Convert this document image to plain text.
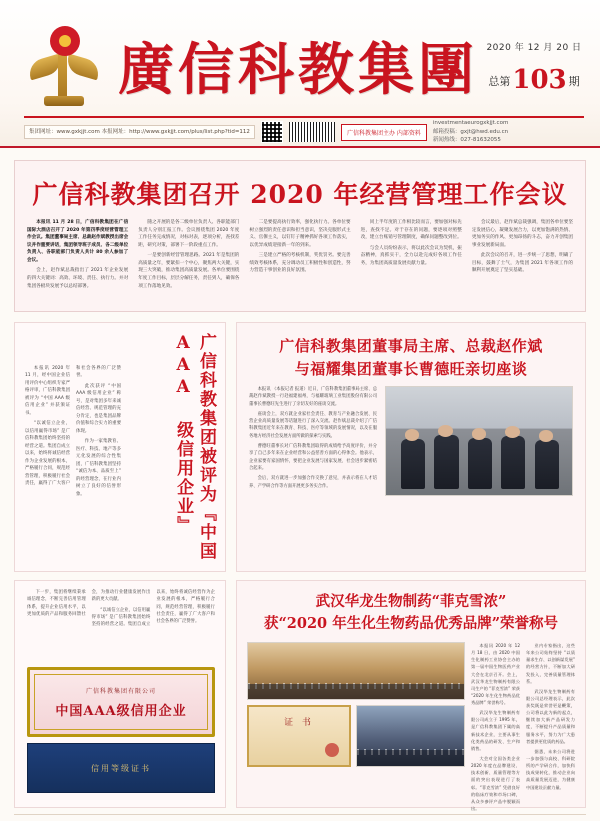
廣信科教集團 2020 年 12 月 20 日
总第103 期
集团网址：www.gxkjjt.com 本报网址：http://www.gxkjjt.com/plus/list.php?tid=112	广信科教集团主办 内部资料
investmentaeurogxkjjt.com
邮箱投稿：gxjt@hwd.edu.cn
新闻热线：027-81632055
广信科教集团召开 2020 年经营管理工作会议

本报讯 11 月 28 日，广信科教集团在广信国际大酒店召开了 2020 年第四季度经营管理工作会议。集团董事局主席、总裁赵作斌教授出席会议并作重要讲话，集团领导班子成员、各二级单位负责人、各职能部门负责人共计 80 余人参加了会议。

会上，赵作斌总裁指出了 2021 年企业发展的四大关键词：高效、环境、责任、执行力。并对集团各板块发展予以总结部署。

随之开展的是各二级单位负责人、各职能部门负责人分别汇报工作。会议围绕集团 2020 年度工作任务完成情况，对标对表，逐项分析，查找差距，研究对策，部署下一阶段重点工作。

一是要创新经营管理思路。2021 年是集团的高质量之年，要紧扣一个中心，聚焦两大关键，实现三大突破，推动集团高质量发展。各单位要围绕年度工作目标，层层分解任务，责任到人，确保各项工作落地见效。

二是要提高执行效率，强化执行力。各单位要树立强烈的责任意识和担当意识，坚决克服形式主义、官僚主义，以钉钉子精神抓好各项工作落实，以优异成绩迎接新一年的到来。

三是建立严格的考核机制，奖优罚劣。要完善绩效考核体系，充分调动员工积极性和创造性，努力营造干事创业的良好氛围。

同上半年度的工作相比较而言，要加强对标先进，查找不足。对于存在的问题，要逐项对照整改，建立台账销号管理制度，确保问题整改到位。

与会人员纷纷表示，将以此次会议为契机，振奋精神，真抓实干，全力以赴完成好各项工作任务，为集团高质量发展贡献力量。

会议最后，赵作斌总裁强调，集团各单位要坚定发展信心，凝聚发展合力，以更加饱满的热情、更加务实的作风、更加昂扬的斗志，奋力开创集团事业发展新局面。

此次会议的召开，进一步统一了思想，明确了目标，鼓舞了士气，为集团 2021 年各项工作的顺利开展奠定了坚实基础。

广信科教集团被评为『中国 AAA 级信用企业』

本报讯 2020 年 11 月，经中国企业信用评价中心组织专家严格评审，广信科教集团被评为 “中国 AAA 级信用企业” 并获颁证书。

“以诚信立企业，以信用赢得市场” 是广信科教集团始终坚持的经营之道。集团自成立以来，始终将诚信经营作为企业发展的根本，严格履行合同，规范经营管理，积极履行社会责任，赢得了广大客户和社会各界的广泛赞誉。

此次获评 “中国 AAA 级信用企业” 称号，是对集团多年来诚信经营、规范管理的充分肯定，也是集团品牌价值和综合实力的重要体现。

作为一家集教育、医疗、科技、地产等多元化发展的综合性集团，广信科教集团坚持 “诚信为本、品质至上” 的经营理念，在行业内树立了良好的信誉形象。

广信科教集团董事局主席、总裁赵作斌
与福耀集团董事长曹德旺亲切座谈

本报讯 （本报记者 报道）近日，广信科教集团董事局主席、总裁赵作斌教授一行赴福建福州，与福耀玻璃工业集团股份有限公司董事长曹德旺先生进行了亲切友好的座谈交流。

座谈会上，双方就企业家社会责任、教育与产业融合发展、民营企业高质量发展等话题进行了深入交流。赵作斌总裁介绍了广信科教集团近年来在教育、科技、医疗等领域的发展情况，以及在服务地方经济社会发展方面所做的探索与实践。

曹德旺董事长对广信科教集团取得的成绩给予高度评价，并分享了自己多年来在企业经营和公益慈善方面的心得体会。他表示，企业家要有家国情怀，要把企业发展与国家发展、社会进步紧密结合起来。

会后，双方就进一步加强合作交换了意见，并表示将在人才培养、产学研合作等方面开展更多务实合作。

下一步，集团将继续秉承诚信理念，不断完善信用管理体系，提升企业信用水平，以更加优质的产品和服务回馈社会，为推动行业健康发展作出新的更大贡献。

“以诚信立企业，以信用赢得市场” 是广信科教集团始终坚持的经营之道。集团自成立以来，始终将诚信经营作为企业发展的根本，严格履行合同，规范经营管理，积极履行社会责任，赢得了广大客户和社会各界的广泛赞誉。

广信科教集团有限公司
中国AAA级信用企业
信用等级证书
武汉华龙生物制药“菲克雪浓”
获“2020 年生化生物药品优秀品牌”荣誉称号
证 书

本报讯 2020 年 12 月 18 日，由 2020 中国生化制药工业协会主办的第一届中国生物医药产业大会在北京召开。会上，武汉华龙生物制药有限公司生产的 “菲克雪浓” 荣获 “2020 年生化生物药品优秀品牌” 荣誉称号。

武汉华龙生物制药有限公司成立于 1995 年，是广信科教集团下属的高新技术企业，主要从事生化类药品的研发、生产和销售。

大会对全国各类企业 2020 年度在品牌建设、技术创新、质量管理等方面的突出表现进行了表彰。“菲克雪浓” 凭借良好的临床疗效和市场口碑，从众多参评产品中脱颖而出。

业内专家指出，这些年来公司始终坚持 “以质量求生存、以创新谋发展” 的经营方针，不断加大研发投入，完善质量管理体系。

武汉华龙生物制药有限公司总经理表示，此次获奖既是荣誉更是鞭策，公司将以此为新的起点，继续加大新产品研发力度，不断提升产品质量和服务水平，努力为广大患者提供更优质的药品。

据悉，未来公司将进一步加强与高校、科研院所的产学研合作，加快科技成果转化，推动企业向高质量发展迈进，为健康中国建设贡献力量。
